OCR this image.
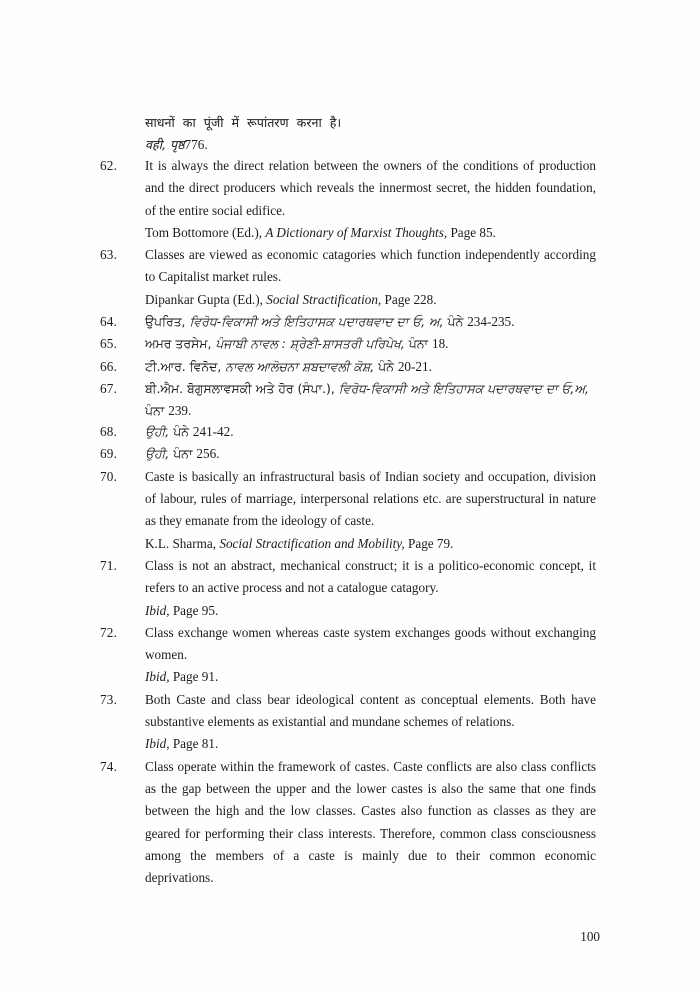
साधनों का पूंजी में रूपांतरण करना है।
वही, पृष्ठ776.
62.	It is always the direct relation between the owners of the conditions of production and the direct producers which reveals the innermost secret, the hidden foundation, of the entire social edifice.

Tom Bottomore (Ed.), A Dictionary of Marxist Thoughts, Page 85.

63.	Classes are viewed as economic catagories which function independently according to Capitalist market rules.

Dipankar Gupta (Ed.), Social Stractification, Page 228.

64.	ਉਪਰਿਤ, ਵਿਰੋਧ-ਵਿਕਾਸੀ ਅਤੇ ਇਤਿਹਾਸਕ ਪਦਾਰਥਵਾਦ ਦਾ ਓ, ਅ, ਪੰਨੇ 234-235.
65.	ਅਮਰ ਤਰਸੇਮ, ਪੰਜਾਬੀ ਨਾਵਲ : ਸ਼੍ਰੇਣੀ-ਸ਼ਾਸਤਰੀ ਪਰਿਪੇਖ, ਪੰਨਾ 18.
66.	ਟੀ.ਆਰ. ਵਿਨੋਦ, ਨਾਵਲ ਆਲੋਚਨਾ ਸ਼ਬਦਾਵਲੀ ਕੋਸ਼, ਪੰਨੇ 20-21.
67.	ਬੀ.ਐਮ. ਬੋਗੁਸਲਾਵਸਕੀ ਅਤੇ ਹੋਰ (ਸੰਪਾ.), ਵਿਰੋਧ-ਵਿਕਾਸੀ ਅਤੇ ਇਤਿਹਾਸਕ ਪਦਾਰਥਵਾਦ ਦਾ ਓ,ਅ,
ਪੰਨਾ 239.
68.	ਉਹੀ, ਪੰਨੇ 241-42.
69.	ਉਹੀ, ਪੰਨਾ 256.
70.	Caste is basically an infrastructural basis of Indian society and occupation, division of labour, rules of marriage, interpersonal relations etc. are superstructural in nature as they emanate from the ideology of caste.

K.L. Sharma, Social Stractification and Mobility, Page 79.

71.	Class is not an abstract, mechanical construct; it is a politico-economic concept, it refers to an active process and not a catalogue catagory.

Ibid, Page 95.

72.	Class exchange women whereas caste system exchanges goods without exchanging women.

Ibid, Page 91.

73.	Both Caste and class bear ideological content as conceptual elements. Both have substantive elements as existantial and mundane schemes of relations.

Ibid, Page 81.

74.	Class operate within the framework of castes. Caste conflicts are also class conflicts as the gap between the upper and the lower castes is also the same that one finds between the high and the low classes. Castes also function as classes as they are geared for performing their class interests. Therefore, common class consciousness among the members of a caste is mainly due to their common economic deprivations.

100
